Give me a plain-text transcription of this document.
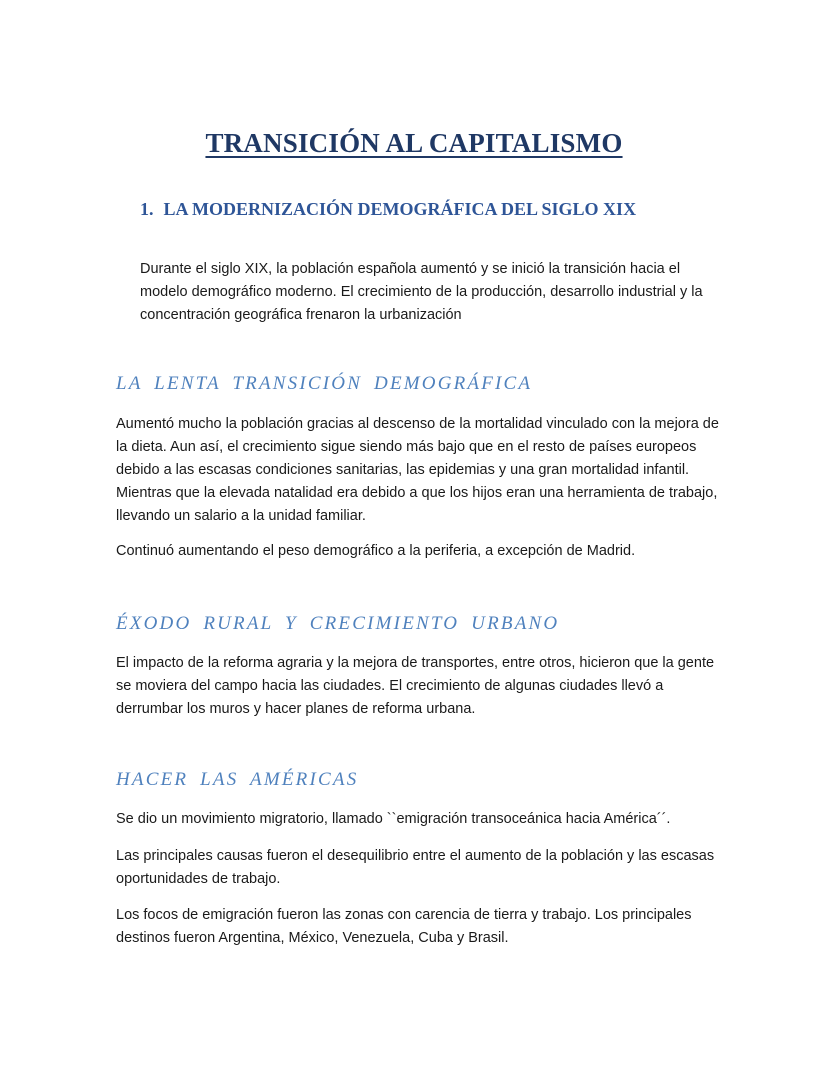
TRANSICIÓN AL CAPITALISMO
1. LA MODERNIZACIÓN DEMOGRÁFICA DEL SIGLO XIX

Durante el siglo XIX, la población española aumentó y se inició la transición hacia el modelo demográfico moderno. El crecimiento de la producción, desarrollo industrial y la concentración geográfica frenaron la urbanización

LA LENTA TRANSICIÓN DEMOGRÁFICA

Aumentó mucho la población gracias al descenso de la mortalidad vinculado con la mejora de la dieta. Aun así, el crecimiento sigue siendo más bajo que en el resto de países europeos debido a las escasas condiciones sanitarias, las epidemias y una gran mortalidad infantil. Mientras que la elevada natalidad era debido a que los hijos eran una herramienta de trabajo, llevando un salario a la unidad familiar.

Continuó aumentando el peso demográfico a la periferia, a excepción de Madrid.

ÉXODO RURAL Y CRECIMIENTO URBANO

El impacto de la reforma agraria y la mejora de transportes, entre otros, hicieron que la gente se moviera del campo hacia las ciudades. El crecimiento de algunas ciudades llevó a derrumbar los muros y hacer planes de reforma urbana.

HACER LAS AMÉRICAS

Se dio un movimiento migratorio, llamado ``emigración transoceánica hacia América´´.

Las principales causas fueron el desequilibrio entre el aumento de la población y las escasas oportunidades de trabajo.

Los focos de emigración fueron las zonas con carencia de tierra y trabajo. Los principales destinos fueron Argentina, México, Venezuela, Cuba y Brasil.
